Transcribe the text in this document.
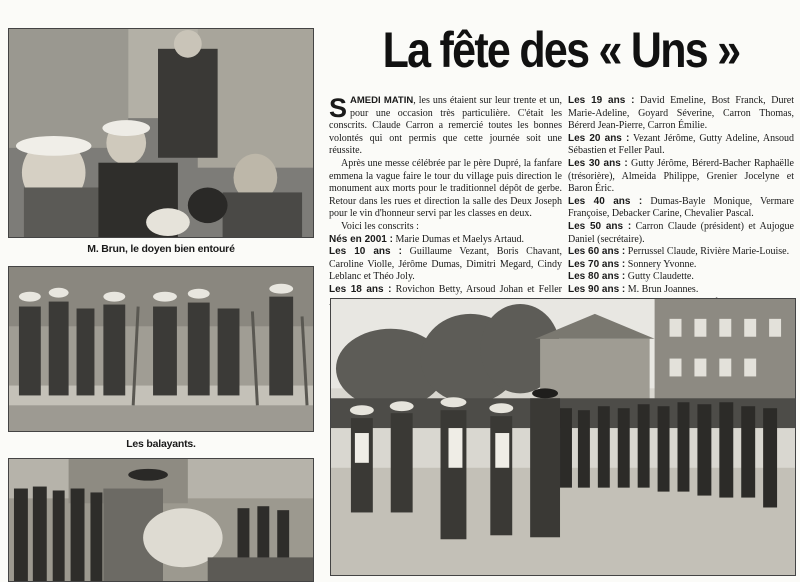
M. Brun, le doyen bien entouré
Les balayants.
La fête des « Uns »

SAMEDI MATIN, les uns étaient sur leur trente et un, pour une occasion très particulière. C'était les conscrits. Claude Carron a remercié toutes les bonnes volontés qui ont permis que cette journée soit une réussite.

Après une messe célébrée par le père Dupré, la fanfare emmena la vague faire le tour du village puis direction le monument aux morts pour le traditionnel dépôt de gerbe. Retour dans les rues et direction la salle des Deux Joseph pour le vin d'honneur servi par les classes en deux.

Voici les conscrits :

Nés en 2001 : Marie Dumas et Maelys Artaud.

Les 10 ans : Guillaume Vezant, Boris Chavant, Caroline Violle, Jérôme Dumas, Dimitri Megard, Cindy Leblanc et Théo Joly.

Les 18 ans : Rovichon Betty, Arsoud Johan et Feller

Les 19 ans : David Emeline, Bost Franck, Duret Marie-Adeline, Goyard Séverine, Carron Thomas, Bérerd Jean-Pierre, Carron Émilie.

Les 20 ans : Vezant Jérôme, Gutty Adeline, Ansoud Sébastien et Feller Paul.

Les 30 ans : Gutty Jérôme, Bérerd-Bacher Raphaëlle (trésorière), Almeida Philippe, Grenier Jocelyne et Baron Éric.

Les 40 ans : Dumas-Bayle Monique, Vermare Françoise, Debacker Carine, Chevalier Pascal.

Les 50 ans : Carron Claude (président) et Aujogue Daniel (secrétaire).

Les 60 ans : Perrussel Claude, Rivière Marie-Louise.

Les 70 ans : Sonnery Yvonne.

Les 80 ans : Gutty Claudette.

Les 90 ans : M. Brun Joannes.
